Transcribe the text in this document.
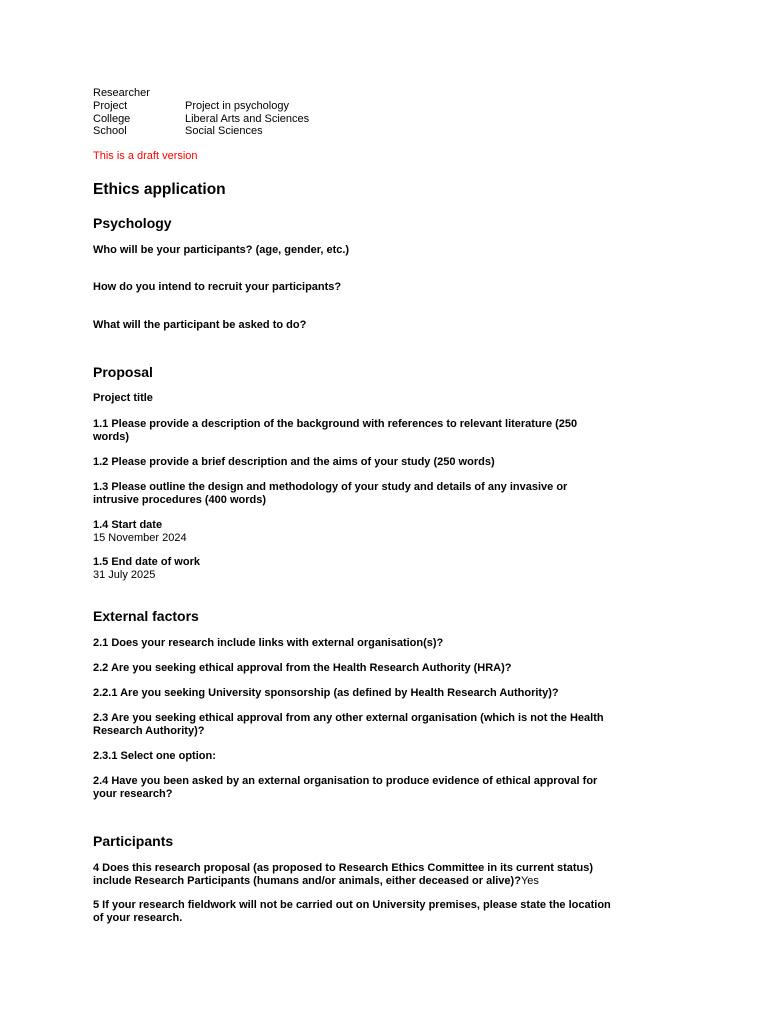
Researcher
Project	Project in psychology
College	Liberal Arts and Sciences
School	Social Sciences
This is a draft version
Ethics application
Psychology
Who will be your participants? (age, gender, etc.)
How do you intend to recruit your participants?
What will the participant be asked to do?
Proposal
Project title
1.1 Please provide a description of the background with references to relevant literature (250 words)
1.2 Please provide a brief description and the aims of your study (250 words)
1.3 Please outline the design and methodology of your study and details of any invasive or intrusive procedures (400 words)
1.4 Start date
15 November 2024
1.5 End date of work
31 July 2025
External factors
2.1 Does your research include links with external organisation(s)?
2.2 Are you seeking ethical approval from the Health Research Authority (HRA)?
2.2.1 Are you seeking University sponsorship (as defined by Health Research Authority)?
2.3 Are you seeking ethical approval from any other external organisation (which is not the Health Research Authority)?
2.3.1 Select one option:
2.4 Have you been asked by an external organisation to produce evidence of ethical approval for your research?
Participants
4 Does this research proposal (as proposed to Research Ethics Committee in its current status) include Research Participants (humans and/or animals, either deceased or alive)?Yes
5 If your research fieldwork will not be carried out on University premises, please state the location of your research.
